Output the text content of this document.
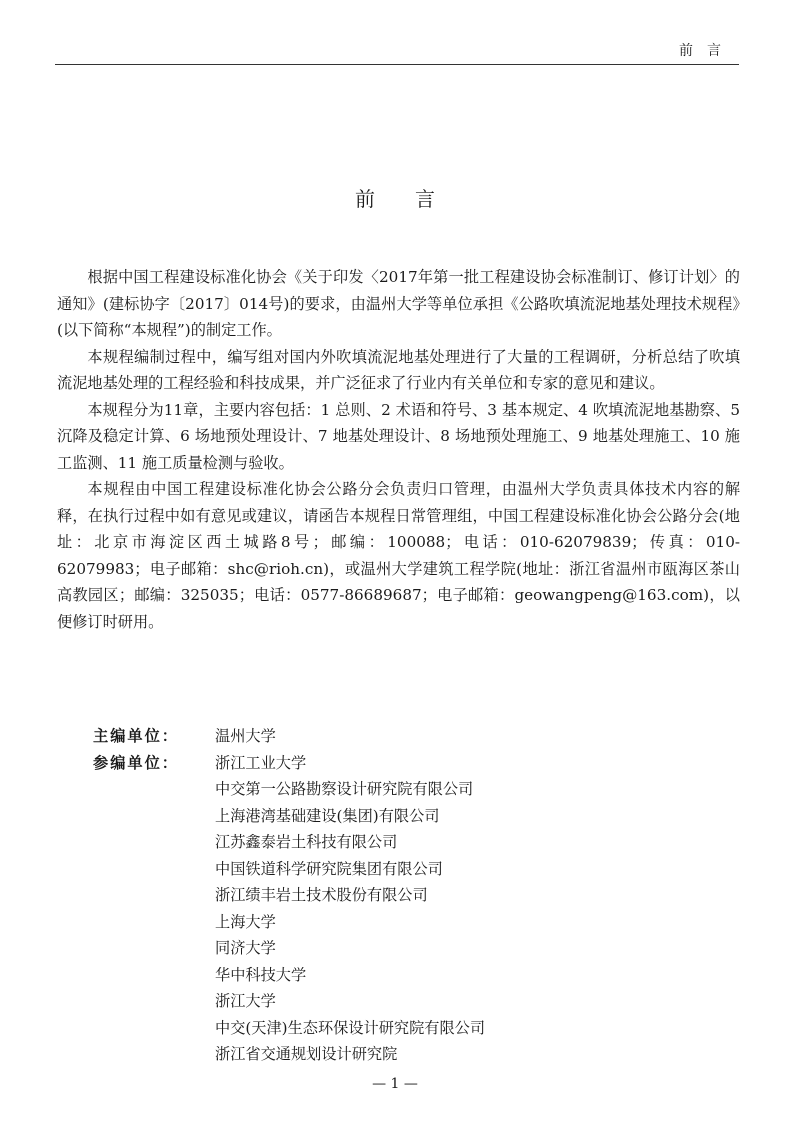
前言
前言

根据中国工程建设标准化协会《关于印发〈2017年第一批工程建设协会标准制订、修订计划〉的通知》(建标协字〔2017〕014号)的要求，由温州大学等单位承担《公路吹填流泥地基处理技术规程》(以下简称“本规程”)的制定工作。

本规程编制过程中，编写组对国内外吹填流泥地基处理进行了大量的工程调研，分析总结了吹填流泥地基处理的工程经验和科技成果，并广泛征求了行业内有关单位和专家的意见和建议。

本规程分为11章，主要内容包括：1 总则、2 术语和符号、3 基本规定、4 吹填流泥地基勘察、5 沉降及稳定计算、6 场地预处理设计、7 地基处理设计、8 场地预处理施工、9 地基处理施工、10 施工监测、11 施工质量检测与验收。

本规程由中国工程建设标准化协会公路分会负责归口管理，由温州大学负责具体技术内容的解释，在执行过程中如有意见或建议，请函告本规程日常管理组，中国工程建设标准化协会公路分会(地址：北京市海淀区西土城路8号；邮编：100088；电话：010-62079839；传真：010-62079983；电子邮箱：shc@rioh.cn)，或温州大学建筑工程学院(地址：浙江省温州市瓯海区茶山高教园区；邮编：325035；电话：0577-86689687；电子邮箱：geowangpeng@163.com)，以便修订时研用。

主编单位：	温州大学
参编单位：	浙江工业大学
中交第一公路勘察设计研究院有限公司
上海港湾基础建设(集团)有限公司
江苏鑫泰岩土科技有限公司
中国铁道科学研究院集团有限公司
浙江绩丰岩土技术股份有限公司
上海大学
同济大学
华中科技大学
浙江大学
中交(天津)生态环保设计研究院有限公司
浙江省交通规划设计研究院
— 1 —
